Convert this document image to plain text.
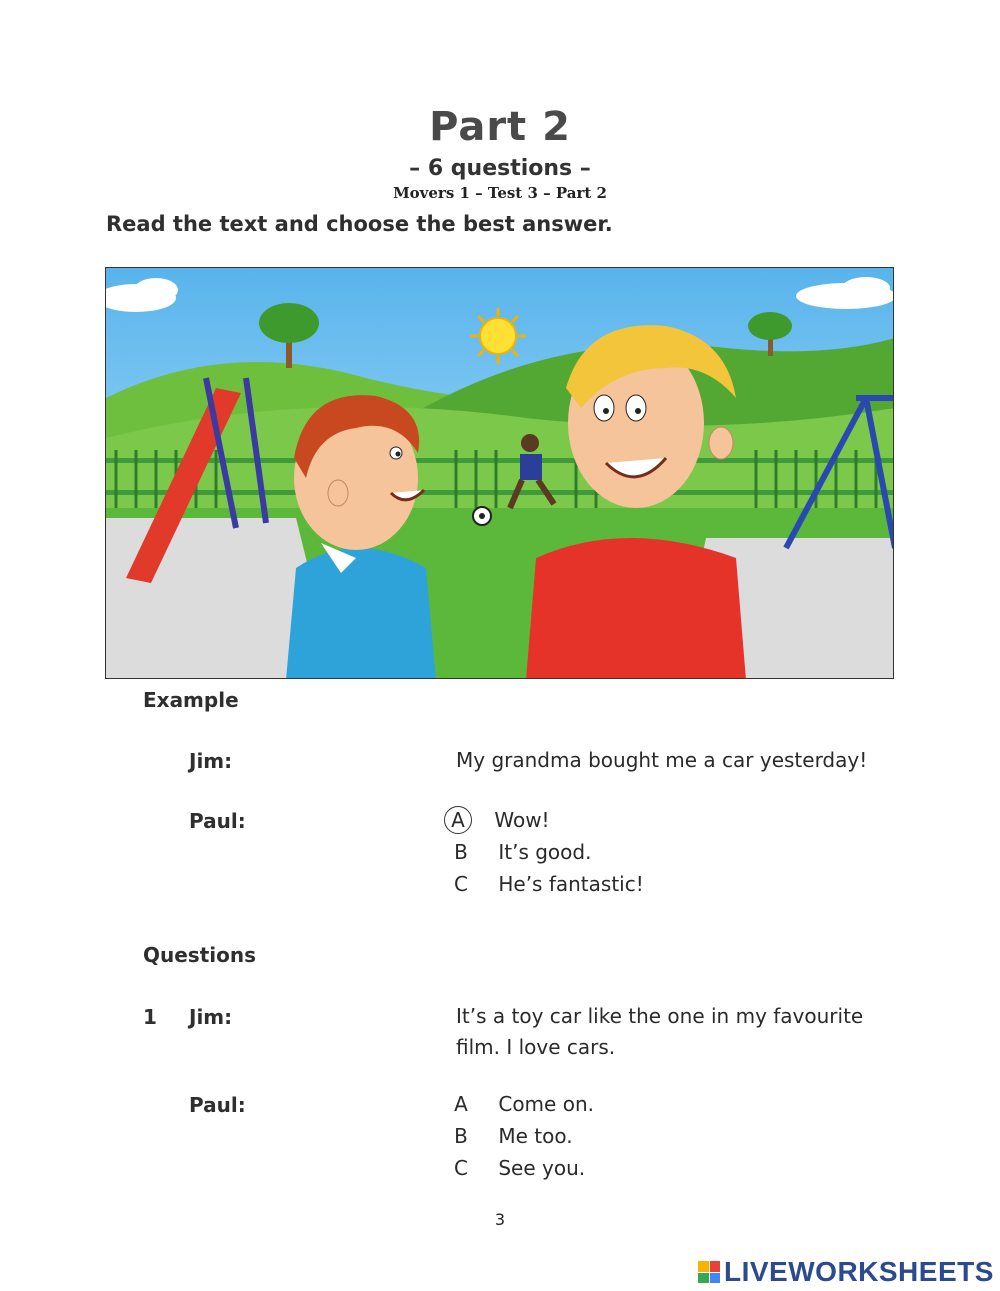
Part 2
– 6 questions –
Movers 1 – Test 3 – Part 2
Read the text and choose the best answer.
Example
Jim:	My grandma bought me a car yesterday!
Paul:	A Wow!
B It’s good.
C He’s fantastic!
Questions
1 Jim:	It’s a toy car like the one in my favourite
film. I love cars.
Paul:	A Come on.
B Me too.
C See you.
3
LIVEWORKSHEETS
